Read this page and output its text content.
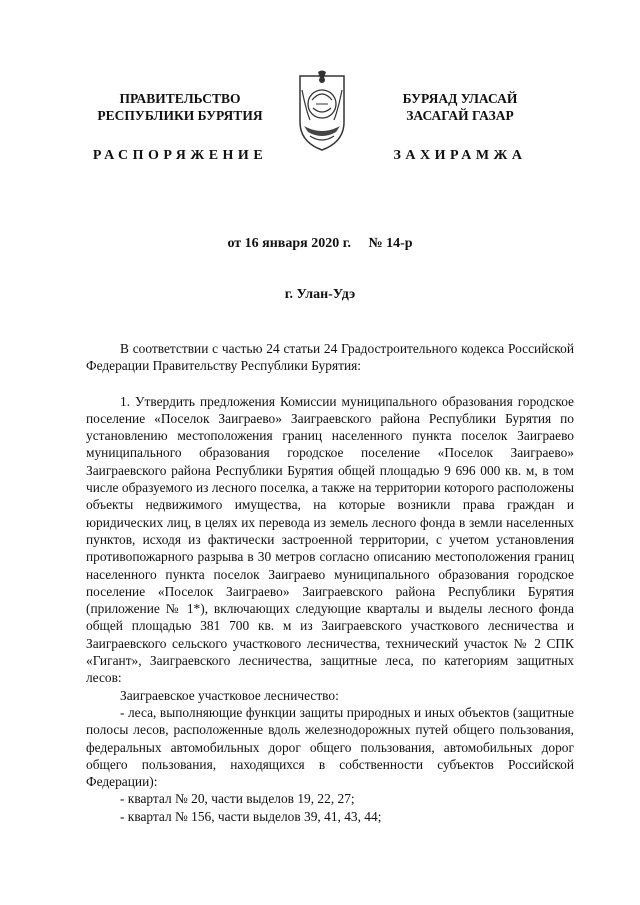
ПРАВИТЕЛЬСТВО
РЕСПУБЛИКИ БУРЯТИЯ
РАСПОРЯЖЕНИЕ
БУРЯАД УЛАСАЙ
ЗАСАГАЙ ГАЗАР
ЗАХИРАМЖА
от 16 января 2020 г. № 14-р
г. Улан-Удэ

В соответствии с частью 24 статьи 24 Градостроительного кодекса Российской Федерации Правительству Республики Бурятия:

1. Утвердить предложения Комиссии муниципального образования городское поселение «Поселок Заиграево» Заиграевского района Республики Бурятия по установлению местоположения границ населенного пункта поселок Заиграево муниципального образования городское поселение «Поселок Заиграево» Заиграевского района Республики Бурятия общей площадью 9 696 000 кв. м, в том числе образуемого из лесного поселка, а также на территории которого расположены объекты недвижимого имущества, на которые возникли права граждан и юридических лиц, в целях их перевода из земель лесного фонда в земли населенных пунктов, исходя из фактически застроенной территории, с учетом установления противопожарного разрыва в 30 метров согласно описанию местоположения границ населенного пункта поселок Заиграево муниципального образования городское поселение «Поселок Заиграево» Заиграевского района Республики Бурятия (приложение № 1*), включающих следующие кварталы и выделы лесного фонда общей площадью 381 700 кв. м из Заиграевского участкового лесничества и Заиграевского сельского участкового лесничества, технический участок № 2 СПК «Гигант», Заиграевского лесничества, защитные леса, по категориям защитных лесов:

Заиграевское участковое лесничество:

- леса, выполняющие функции защиты природных и иных объектов (защитные полосы лесов, расположенные вдоль железнодорожных путей общего пользования, федеральных автомобильных дорог общего пользования, автомобильных дорог общего пользования, находящихся в собственности субъектов Российской Федерации):

- квартал № 20, части выделов 19, 22, 27;

- квартал № 156, части выделов 39, 41, 43, 44;
